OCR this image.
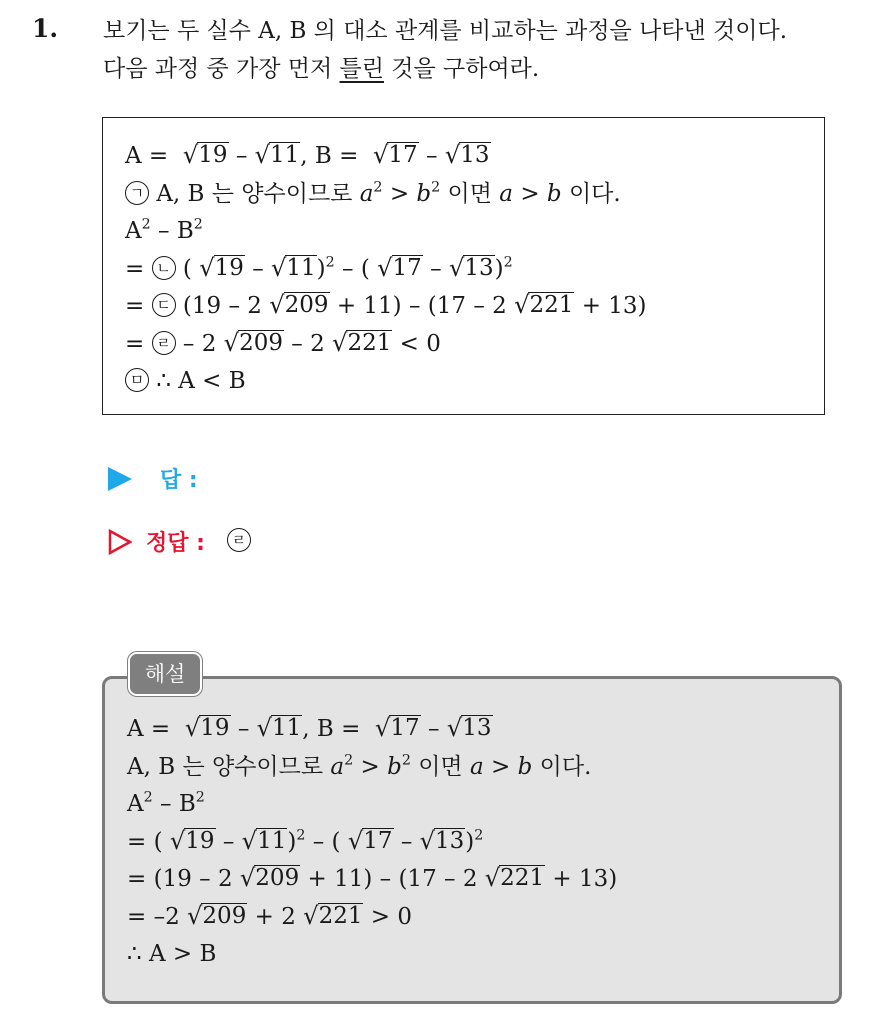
1. 보기는 두 실수 A, B 의 대소 관계를 비교하는 과정을 나타낸 것이다.
다음 과정 중 가장 먼저 틀린 것을 구하여라.
A = √ 19 – √ 11 , B = √ 17 – √ 13
ㄱ A, B 는 양수이므로 $a^2 > b^2$ 이면 a > b 이다.
$A^2 - B^2$
= ㄴ ( √ 19 – √ 11 )$^2$ – ( √ 17 – √ 13 )$^2$
= ㄷ (19 – 2 √ 209 + 11) – (17 – 2 √ 221 + 13)
= ㄹ – 2 √ 209 – 2 √ 221 < 0
ㅁ ∴ A < B
답 :
정답 :	ㄹ
A = √ 19 – √ 11 , B = √ 17 – √ 13
A, B 는 양수이므로 $a^2 > b^2$ 이면 a > b 이다.
$A^2 - B^2$
= ( √ 19 – √ 11 )$^2$ – ( √ 17 – √ 13 )$^2$
= (19 – 2 √ 209 + 11) – (17 – 2 √ 221 + 13)
= –2 √ 209 + 2 √ 221 > 0
∴ A > B
해설
